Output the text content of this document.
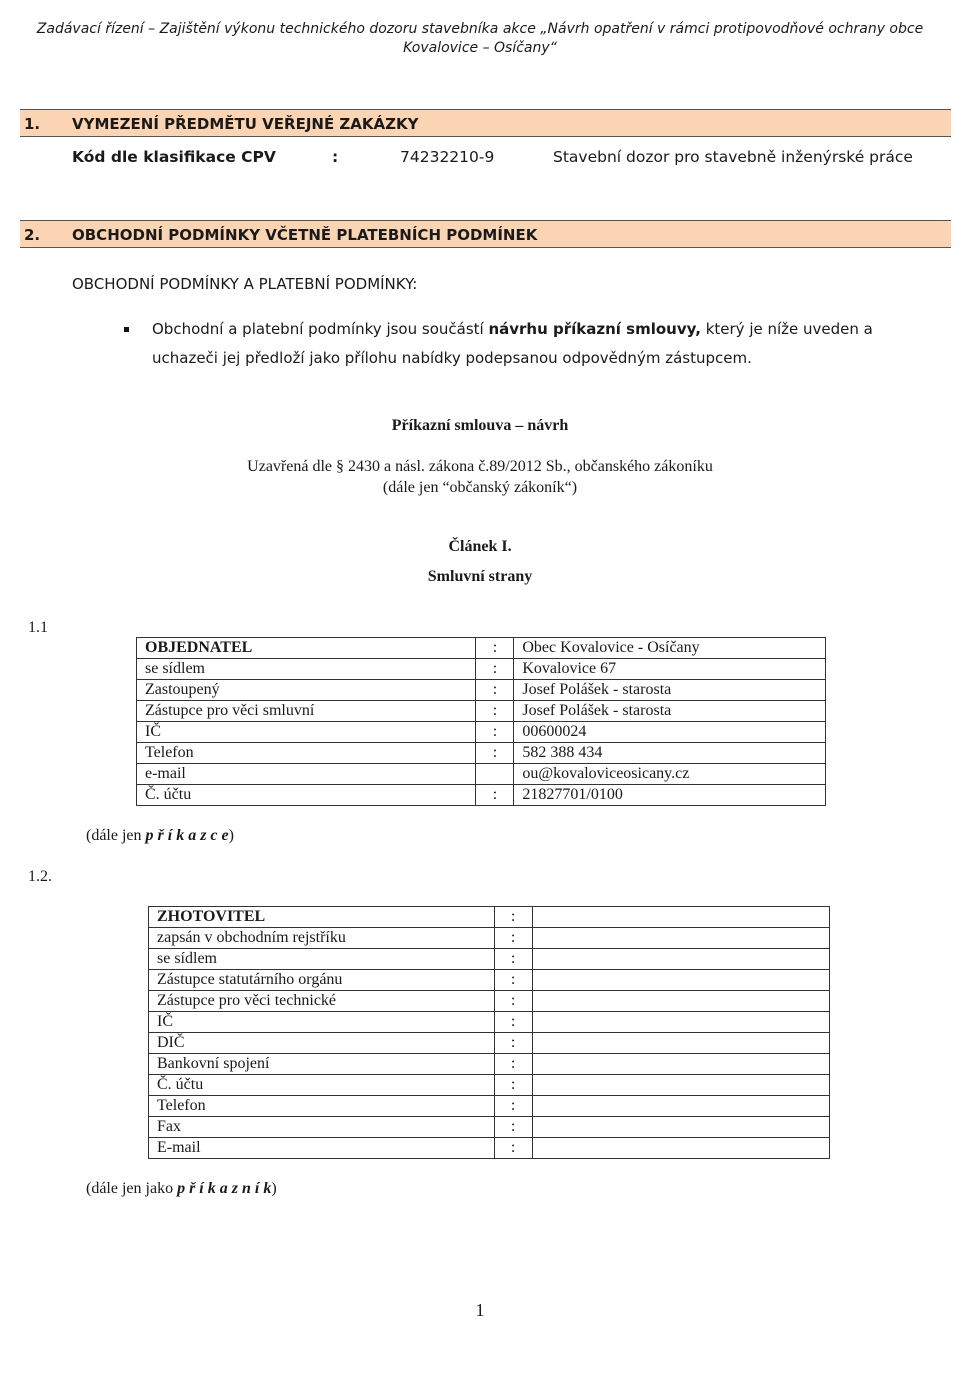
Zadávací řízení – Zajištění výkonu technického dozoru stavebníka akce „Návrh opatření v rámci protipovodňové ochrany obce
Kovalovice – Osíčany“
1. VYMEZENÍ PŘEDMĚTU VEŘEJNÉ ZAKÁZKY
Kód dle klasifikace CPV	:	74232210-9	Stavební dozor pro stavebně inženýrské práce
2. OBCHODNÍ PODMÍNKY VČETNĚ PLATEBNÍCH PODMÍNEK
OBCHODNÍ PODMÍNKY A PLATEBNÍ PODMÍNKY:
Obchodní a platební podmínky jsou součástí návrhu příkazní smlouvy, který je níže uveden a
uchazeči jej předloží jako přílohu nabídky podepsanou odpovědným zástupcem.
Příkazní smlouva – návrh
Uzavřená dle § 2430 a násl. zákona č.89/2012 Sb., občanského zákoníku
(dále jen “občanský zákoník“)
Článek I.
Smluvní strany
1.1
OBJEDNATEL	:	Obec Kovalovice - Osíčany
se sídlem	:	Kovalovice 67
Zastoupený	:	Josef Polášek - starosta
Zástupce pro věci smluvní	:	Josef Polášek - starosta
IČ	:	00600024
Telefon	:	582 388 434
e-mail		ou@kovaloviceosicany.cz
Č. účtu	:	21827701/0100
(dále jen p ř í k a z c e)
1.2.
ZHOTOVITEL	:	
zapsán v obchodním rejstříku	:	
se sídlem	:	
Zástupce statutárního orgánu	:	
Zástupce pro věci technické	:	
IČ	:	
DIČ	:	
Bankovní spojení	:	
Č. účtu	:	
Telefon	:	
Fax	:	
E-mail	:	
(dále jen jako p ř í k a z n í k)
1
